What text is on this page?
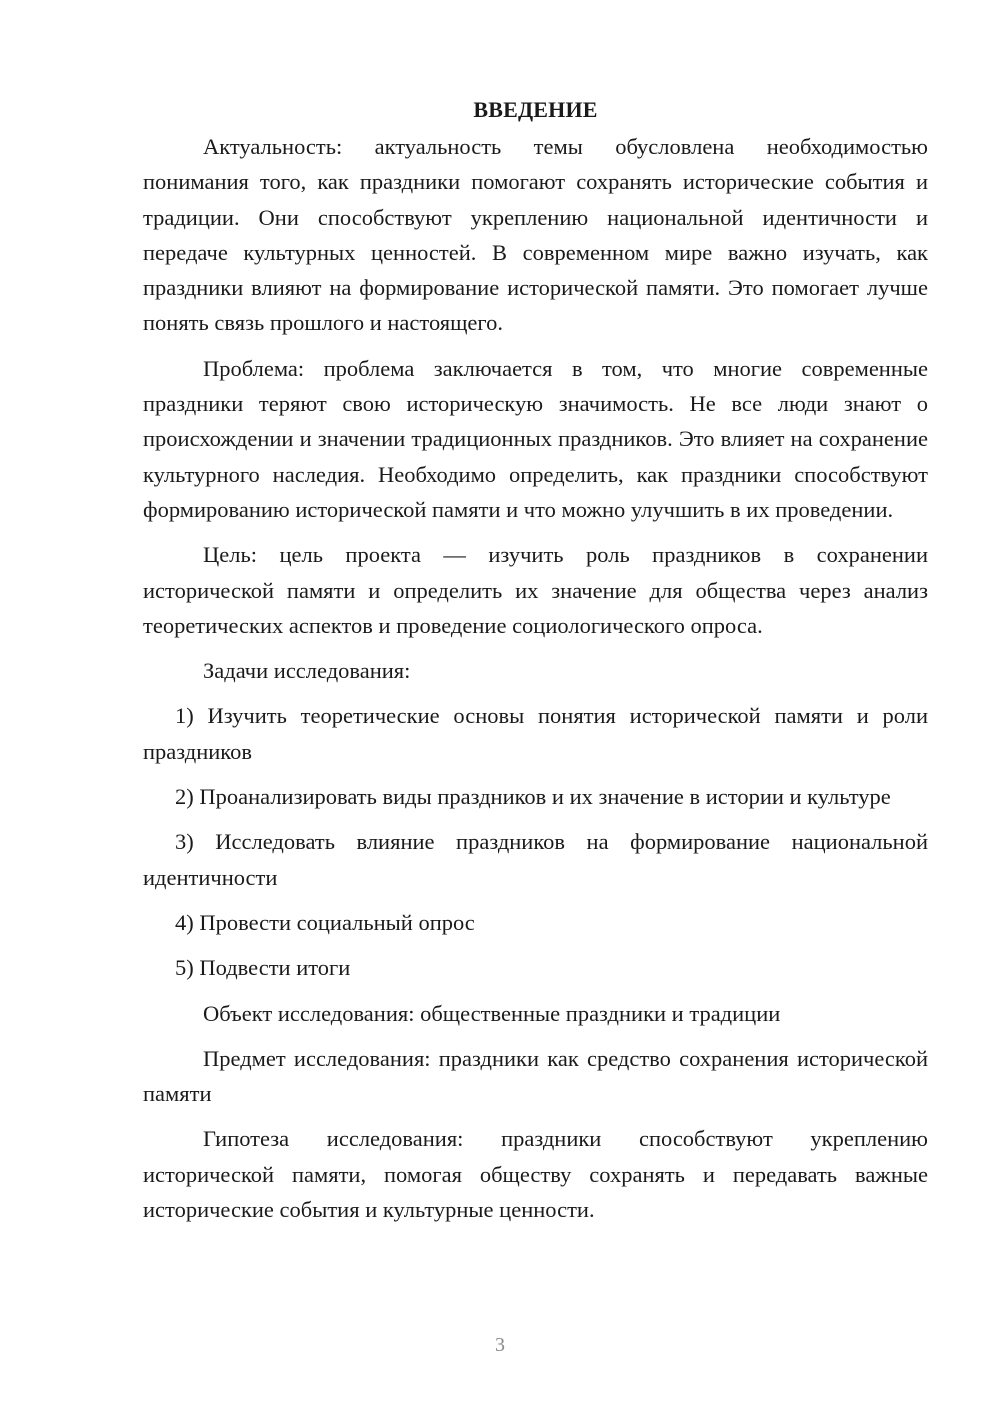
ВВЕДЕНИЕ

Актуальность: актуальность темы обусловлена необходимостью понимания того, как праздники помогают сохранять исторические события и традиции. Они способствуют укреплению национальной идентичности и передаче культурных ценностей. В современном мире важно изучать, как праздники влияют на формирование исторической памяти. Это помогает лучше понять связь прошлого и настоящего.

Проблема: проблема заключается в том, что многие современные праздники теряют свою историческую значимость. Не все люди знают о происхождении и значении традиционных праздников. Это влияет на сохранение культурного наследия. Необходимо определить, как праздники способствуют формированию исторической памяти и что можно улучшить в их проведении.

Цель: цель проекта — изучить роль праздников в сохранении исторической памяти и определить их значение для общества через анализ теоретических аспектов и проведение социологического опроса.

Задачи исследования:

1) Изучить теоретические основы понятия исторической памяти и роли праздников

2) Проанализировать виды праздников и их значение в истории и культуре

3) Исследовать влияние праздников на формирование национальной идентичности

4) Провести социальный опрос

5) Подвести итоги

Объект исследования: общественные праздники и традиции

Предмет исследования: праздники как средство сохранения исторической памяти

Гипотеза исследования: праздники способствуют укреплению исторической памяти, помогая обществу сохранять и передавать важные исторические события и культурные ценности.

3
